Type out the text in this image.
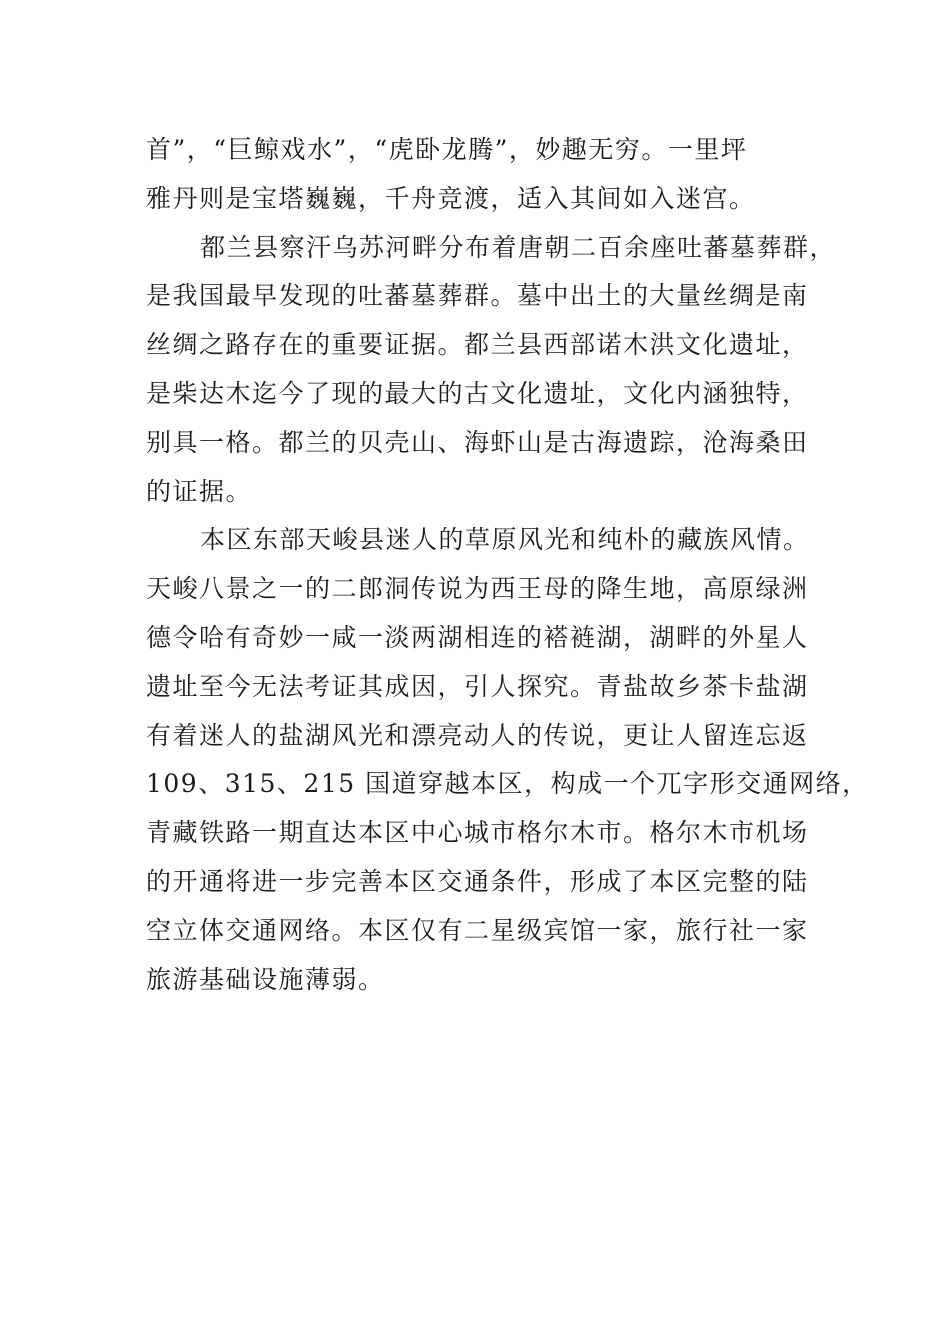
首”，“巨鲸戏水”，“虎卧龙腾”，妙趣无穷。一里坪
雅丹则是宝塔巍巍，千舟竞渡，适入其间如入迷宫。
都兰县察汗乌苏河畔分布着唐朝二百余座吐蕃墓葬群，
是我国最早发现的吐蕃墓葬群。墓中出土的大量丝绸是南
丝绸之路存在的重要证据。都兰县西部诺木洪文化遗址，
是柴达木迄今了现的最大的古文化遗址，文化内涵独特，
别具一格。都兰的贝壳山、海虾山是古海遗踪，沧海桑田
的证据。
本区东部天峻县迷人的草原风光和纯朴的藏族风情。
天峻八景之一的二郎洞传说为西王母的降生地，高原绿洲
德令哈有奇妙一咸一淡两湖相连的褡裢湖，湖畔的外星人
遗址至今无法考证其成因，引人探究。青盐故乡茶卡盐湖
有着迷人的盐湖风光和漂亮动人的传说，更让人留连忘返
109、315、215 国道穿越本区，构成一个兀字形交通网络，
青藏铁路一期直达本区中心城市格尔木市。格尔木市机场
的开通将进一步完善本区交通条件，形成了本区完整的陆
空立体交通网络。本区仅有二星级宾馆一家，旅行社一家
旅游基础设施薄弱。
